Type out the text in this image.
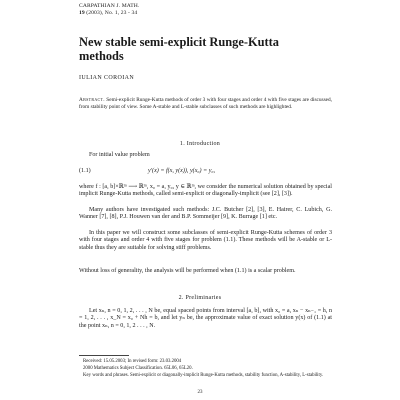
CARPATHIAN J. MATH.
19 (2003), No. 1, 23 - 34
New stable semi-explicit Runge-Kutta
methods
IULIAN COROIAN
Abstract. Semi-explicit Runge-Kutta methods of order 3 with four stages and order 4 with five stages are discussed, from stability point of view. Some A-stable and L-stable subclasses of such methods are highlighted.
1. Introduction
For initial value problem
(1.1)	y′(x) = f(x, y(x)), y(x₀) = y₀,
where f : [a, b]×ℝᵐ ⟶ ℝᵐ, x₀ = a, y₀, y ∈ ℝᵐ, we consider the numerical solution obtained by special implicit Runge-Kutta methods, called semi-explicit or diagonally-implicit (see [2], [3]).
Many authors have investigated such methods: J.C. Butcher [2], [3], E. Hairer, C. Lubich, G. Wanner [7], [8], P.J. Houwen van der and B.P. Sommeijer [9], K. Burrage [1] etc.
In this paper we will construct some subclasses of semi-explicit Runge-Kutta schemes of order 3 with four stages and order 4 with five stages for problem (1.1). These methods will be A-stable or L-stable thus they are suitable for solving stiff problems.
Without loss of generality, the analysis will be performed when (1.1) is a scalar problem.
2. Preliminaries
Let xₙ, n = 0, 1, 2, . . . , N be, equal spaced points from interval [a, b], with x₀ = a, xₙ − xₙ₋₁ = h, n = 1, 2, . . . , x_N = x₀ + Nh = b, and let yₙ be, the approximate value of exact solution y(x) of (1.1) at the point xₙ, n = 0, 1, 2 . . . , N.
Received: 15.05.2003; In revised form: 23.03.2004
2000 Mathematics Subject Classification. 65L06, 65L20.
Key words and phrases. Semi-explicit or diagonally-implicit Runge-Kutta methods, stability function, A-stability, L-stability.
23
